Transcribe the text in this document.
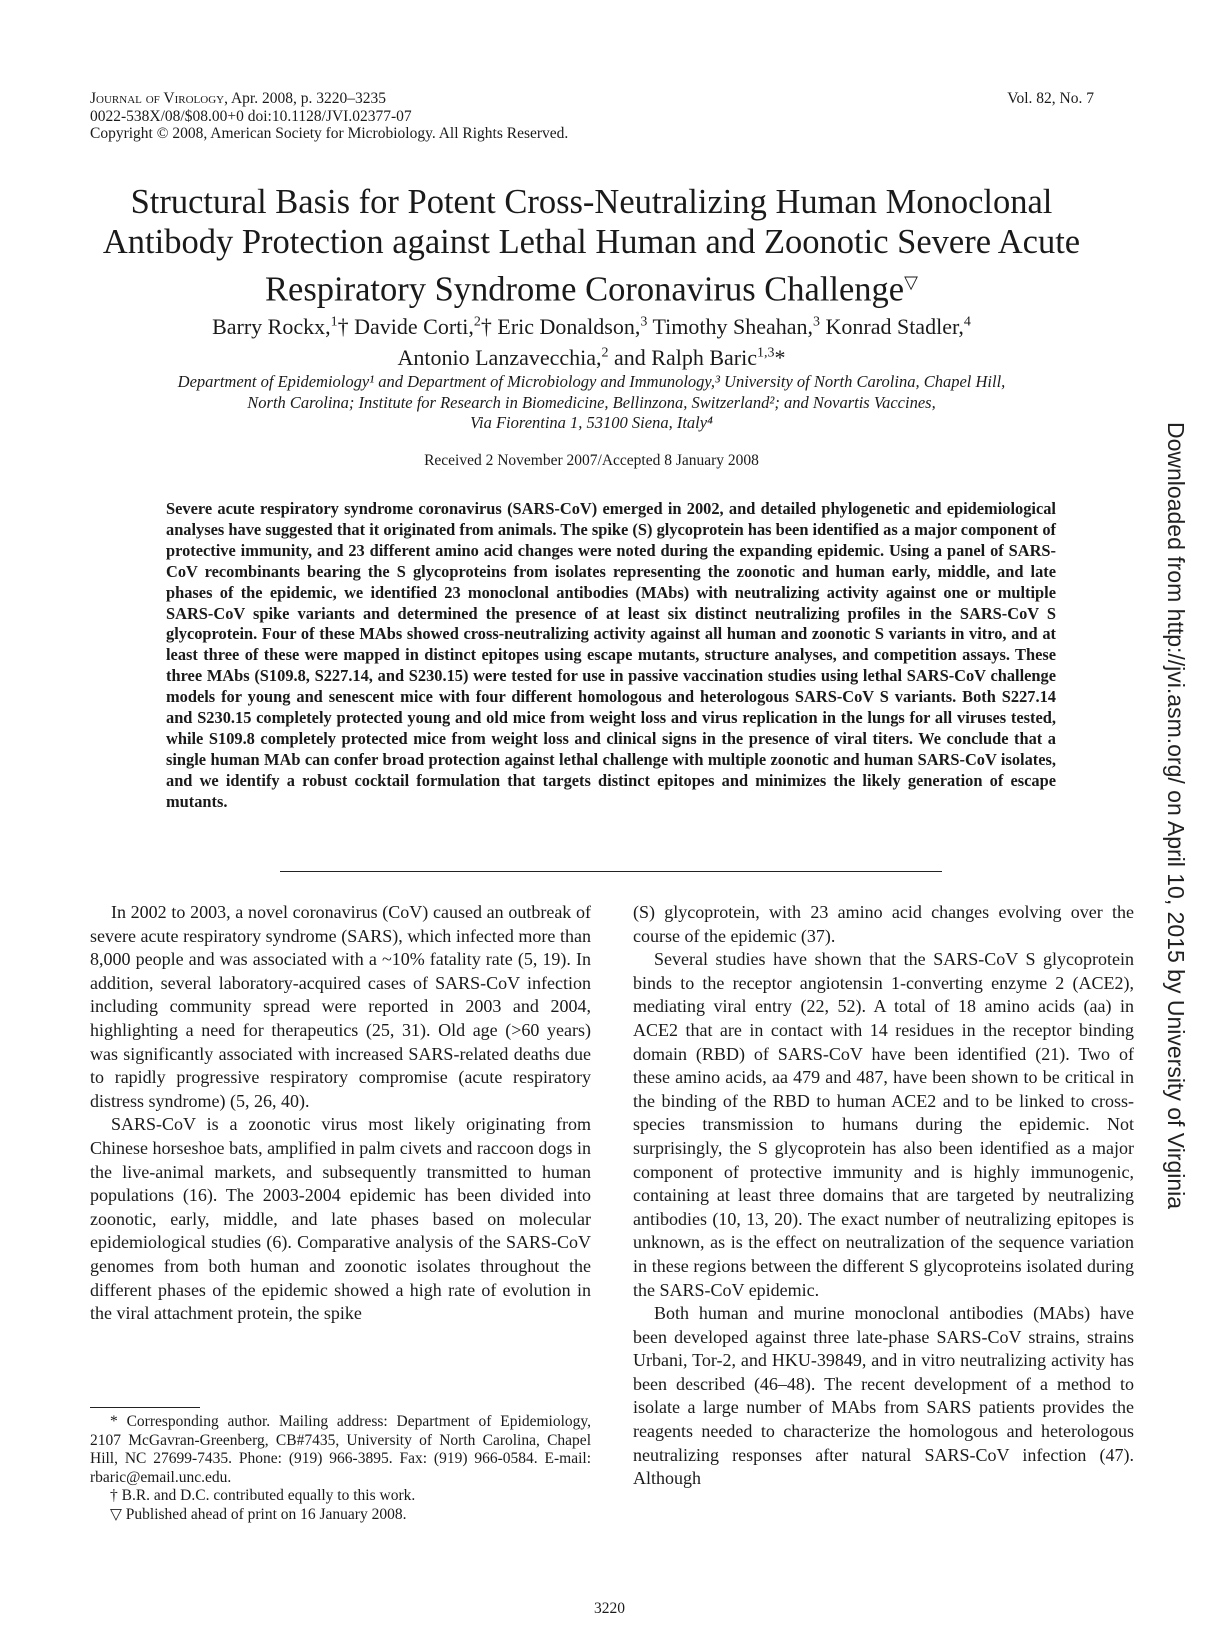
Journal of Virology, Apr. 2008, p. 3220–3235
0022-538X/08/$08.00+0 doi:10.1128/JVI.02377-07
Copyright © 2008, American Society for Microbiology. All Rights Reserved.
Vol. 82, No. 7
Structural Basis for Potent Cross-Neutralizing Human Monoclonal Antibody Protection against Lethal Human and Zoonotic Severe Acute Respiratory Syndrome Coronavirus Challenge▽
Barry Rockx,$^1$† Davide Corti,$^2$† Eric Donaldson,$^3$ Timothy Sheahan,$^3$ Konrad Stadler,$^4$
Antonio Lanzavecchia,$^2$ and Ralph Baric$^{1,3}$*
Department of Epidemiology¹ and Department of Microbiology and Immunology,³ University of North Carolina, Chapel Hill,
North Carolina; Institute for Research in Biomedicine, Bellinzona, Switzerland²; and Novartis Vaccines,
Via Fiorentina 1, 53100 Siena, Italy⁴
Received 2 November 2007/Accepted 8 January 2008
Severe acute respiratory syndrome coronavirus (SARS-CoV) emerged in 2002, and detailed phylogenetic and epidemiological analyses have suggested that it originated from animals. The spike (S) glycoprotein has been identified as a major component of protective immunity, and 23 different amino acid changes were noted during the expanding epidemic. Using a panel of SARS-CoV recombinants bearing the S glycoproteins from isolates representing the zoonotic and human early, middle, and late phases of the epidemic, we identified 23 monoclonal antibodies (MAbs) with neutralizing activity against one or multiple SARS-CoV spike variants and determined the presence of at least six distinct neutralizing profiles in the SARS-CoV S glycoprotein. Four of these MAbs showed cross-neutralizing activity against all human and zoonotic S variants in vitro, and at least three of these were mapped in distinct epitopes using escape mutants, structure analyses, and competition assays. These three MAbs (S109.8, S227.14, and S230.15) were tested for use in passive vaccination studies using lethal SARS-CoV challenge models for young and senescent mice with four different homologous and heterologous SARS-CoV S variants. Both S227.14 and S230.15 completely protected young and old mice from weight loss and virus replication in the lungs for all viruses tested, while S109.8 completely protected mice from weight loss and clinical signs in the presence of viral titers. We conclude that a single human MAb can confer broad protection against lethal challenge with multiple zoonotic and human SARS-CoV isolates, and we identify a robust cocktail formulation that targets distinct epitopes and minimizes the likely generation of escape mutants.

In 2002 to 2003, a novel coronavirus (CoV) caused an outbreak of severe acute respiratory syndrome (SARS), which infected more than 8,000 people and was associated with a ~10% fatality rate (5, 19). In addition, several laboratory-acquired cases of SARS-CoV infection including community spread were reported in 2003 and 2004, highlighting a need for therapeutics (25, 31). Old age (>60 years) was significantly associated with increased SARS-related deaths due to rapidly progressive respiratory compromise (acute respiratory distress syndrome) (5, 26, 40).

SARS-CoV is a zoonotic virus most likely originating from Chinese horseshoe bats, amplified in palm civets and raccoon dogs in the live-animal markets, and subsequently transmitted to human populations (16). The 2003-2004 epidemic has been divided into zoonotic, early, middle, and late phases based on molecular epidemiological studies (6). Comparative analysis of the SARS-CoV genomes from both human and zoonotic isolates throughout the different phases of the epidemic showed a high rate of evolution in the viral attachment protein, the spike

(S) glycoprotein, with 23 amino acid changes evolving over the course of the epidemic (37).

Several studies have shown that the SARS-CoV S glycoprotein binds to the receptor angiotensin 1-converting enzyme 2 (ACE2), mediating viral entry (22, 52). A total of 18 amino acids (aa) in ACE2 that are in contact with 14 residues in the receptor binding domain (RBD) of SARS-CoV have been identified (21). Two of these amino acids, aa 479 and 487, have been shown to be critical in the binding of the RBD to human ACE2 and to be linked to cross-species transmission to humans during the epidemic. Not surprisingly, the S glycoprotein has also been identified as a major component of protective immunity and is highly immunogenic, containing at least three domains that are targeted by neutralizing antibodies (10, 13, 20). The exact number of neutralizing epitopes is unknown, as is the effect on neutralization of the sequence variation in these regions between the different S glycoproteins isolated during the SARS-CoV epidemic.

Both human and murine monoclonal antibodies (MAbs) have been developed against three late-phase SARS-CoV strains, strains Urbani, Tor-2, and HKU-39849, and in vitro neutralizing activity has been described (46–48). The recent development of a method to isolate a large number of MAbs from SARS patients provides the reagents needed to characterize the homologous and heterologous neutralizing responses after natural SARS-CoV infection (47). Although

* Corresponding author. Mailing address: Department of Epidemiology, 2107 McGavran-Greenberg, CB#7435, University of North Carolina, Chapel Hill, NC 27699-7435. Phone: (919) 966-3895. Fax: (919) 966-0584. E-mail: rbaric@email.unc.edu.

† B.R. and D.C. contributed equally to this work.

▽ Published ahead of print on 16 January 2008.

3220
Downloaded from http://jvi.asm.org/ on April 10, 2015 by University of Virginia
